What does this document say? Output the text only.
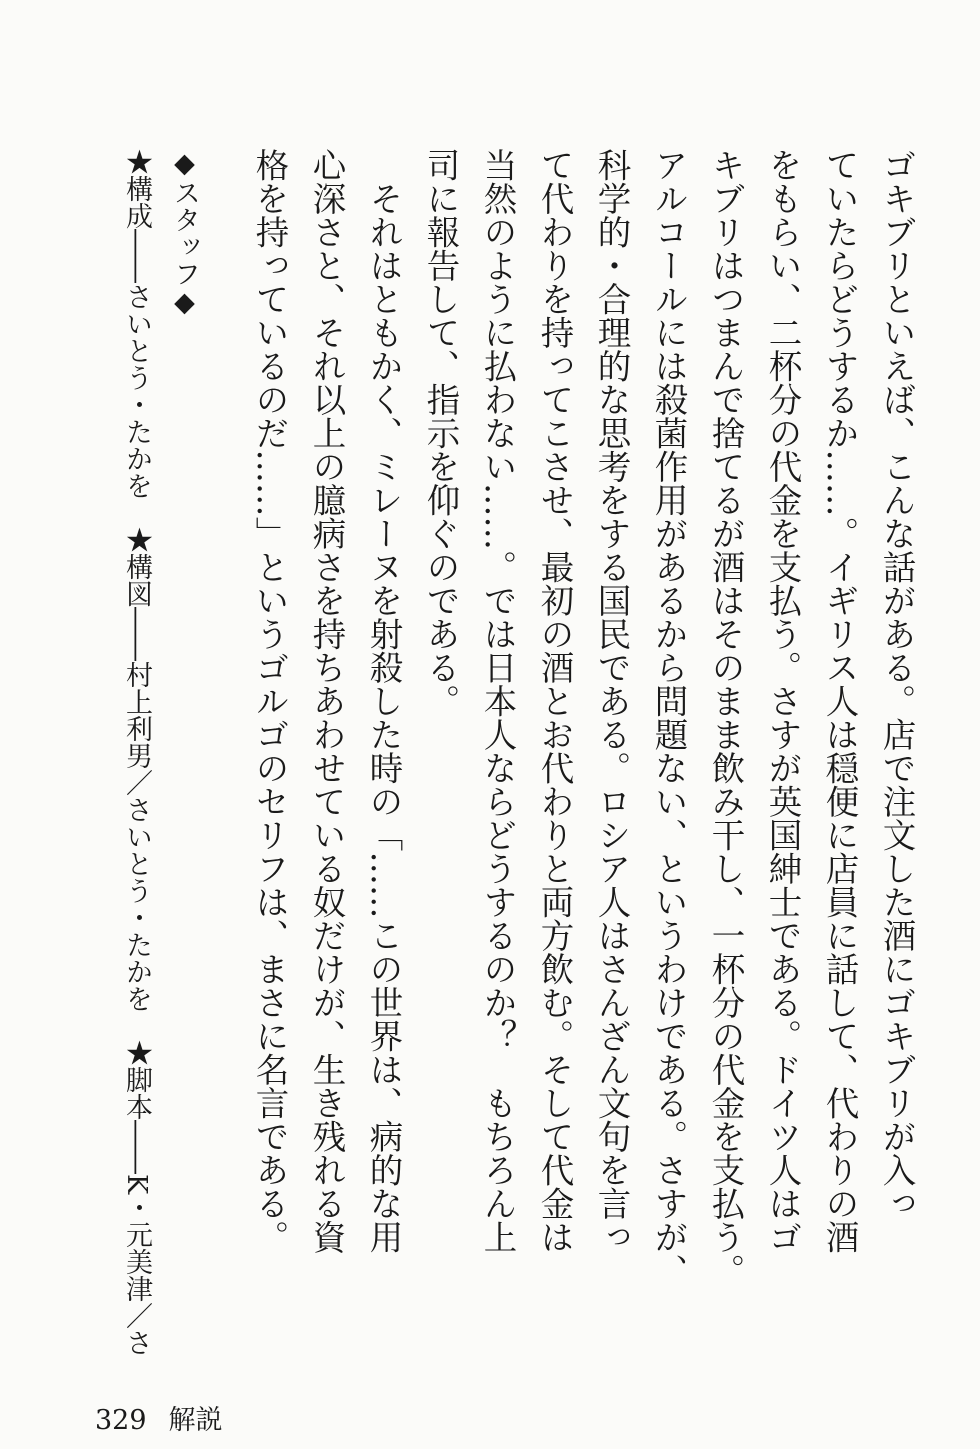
ゴキブリといえば、こんな話がある。店で注文した酒にゴキブリが入っ

ていたらどうするか……。イギリス人は穏便に店員に話して、代わりの酒

をもらい、二杯分の代金を支払う。さすが英国紳士である。ドイツ人はゴ

キブリはつまんで捨てるが酒はそのまま飲み干し、一杯分の代金を支払う。

アルコールには殺菌作用があるから問題ない、というわけである。さすが、

科学的・合理的な思考をする国民である。ロシア人はさんざん文句を言っ

て代わりを持ってこさせ、最初の酒とお代わりと両方飲む。そして代金は

当然のように払わない……。では日本人ならどうするのか？　もちろん上

司に報告して、指示を仰ぐのである。

　それはともかく、ミレーヌを射殺した時の「……この世界は、病的な用

心深さと、それ以上の臆病さを持ちあわせている奴だけが、生き残れる資

格を持っているのだ……」というゴルゴのセリフは、まさに名言である。

◆スタッフ◆

★構成――さいとう・たかを　★構図――村上利男／さいとう・たかを　★脚本――K・元美津／さ

329 解説
